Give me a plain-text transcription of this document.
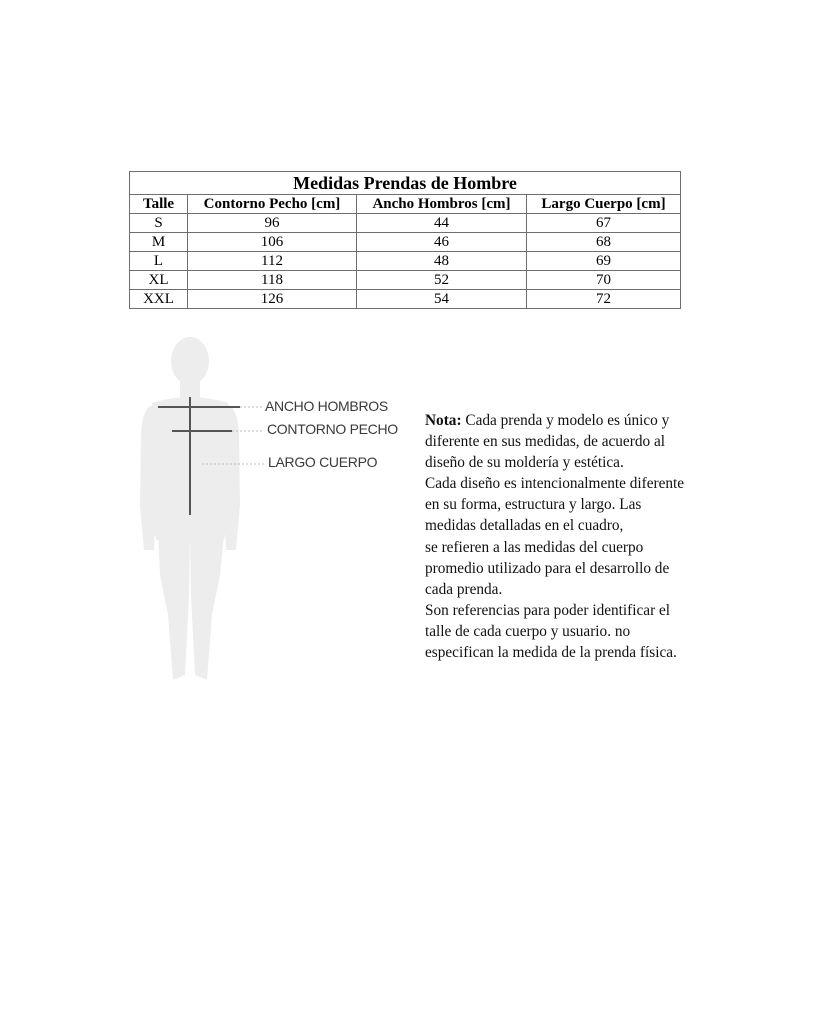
Medidas Prendas de Hombre			
Talle	Contorno Pecho [cm]	Ancho Hombros [cm]	Largo Cuerpo [cm]
S	96	44	67
M	106	46	68
L	112	48	69
XL	118	52	70
XXL	126	54	72
ANCHO HOMBROS
CONTORNO PECHO
LARGO CUERPO

Nota: Cada prenda y modelo es único y

diferente en sus medidas, de acuerdo al

diseño de su moldería y estética.

Cada diseño es intencionalmente diferente

en su forma, estructura y largo. Las

medidas detalladas en el cuadro,

se refieren a las medidas del cuerpo

promedio utilizado para el desarrollo de

cada prenda.

Son referencias para poder identificar el

talle de cada cuerpo y usuario. no

especifican la medida de la prenda física.
